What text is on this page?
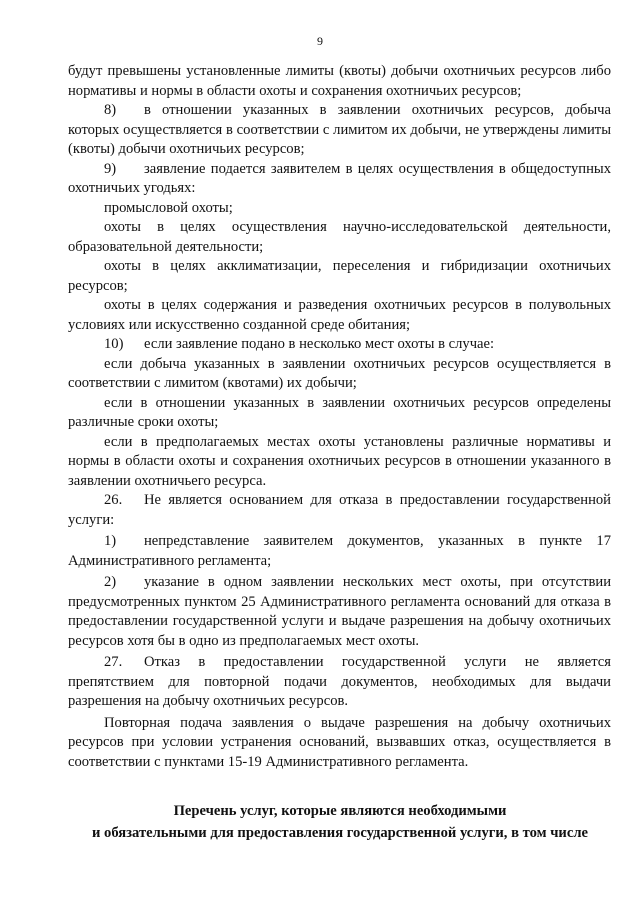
9

будут превышены установленные лимиты (квоты) добычи охотничьих ресурсов либо нормативы и нормы в области охоты и сохранения охотничьих ресурсов;

8) в отношении указанных в заявлении охотничьих ресурсов, добыча которых осуществляется в соответствии с лимитом их добычи, не утверждены лимиты (квоты) добычи охотничьих ресурсов;

9) заявление подается заявителем в целях осуществления в общедоступных охотничьих угодьях:

промысловой охоты;

охоты в целях осуществления научно-исследовательской деятельности, образовательной деятельности;

охоты в целях акклиматизации, переселения и гибридизации охотничьих ресурсов;

охоты в целях содержания и разведения охотничьих ресурсов в полувольных условиях или искусственно созданной среде обитания;

10) если заявление подано в несколько мест охоты в случае:

если добыча указанных в заявлении охотничьих ресурсов осуществляется в соответствии с лимитом (квотами) их добычи;

если в отношении указанных в заявлении охотничьих ресурсов определены различные сроки охоты;

если в предполагаемых местах охоты установлены различные нормативы и нормы в области охоты и сохранения охотничьих ресурсов в отношении указанного в заявлении охотничьего ресурса.

26. Не является основанием для отказа в предоставлении государственной услуги:

1) непредставление заявителем документов, указанных в пункте 17 Административного регламента;

2) указание в одном заявлении нескольких мест охоты, при отсутствии предусмотренных пунктом 25 Административного регламента оснований для отказа в предоставлении государственной услуги и выдаче разрешения на добычу охотничьих ресурсов хотя бы в одно из предполагаемых мест охоты.

27. Отказ в предоставлении государственной услуги не является препятствием для повторной подачи документов, необходимых для выдачи разрешения на добычу охотничьих ресурсов.

Повторная подача заявления о выдаче разрешения на добычу охотничьих ресурсов при условии устранения оснований, вызвавших отказ, осуществляется в соответствии с пунктами 15-19 Административного регламента.

Перечень услуг, которые являются необходимыми
и обязательными для предоставления государственной услуги, в том числе
